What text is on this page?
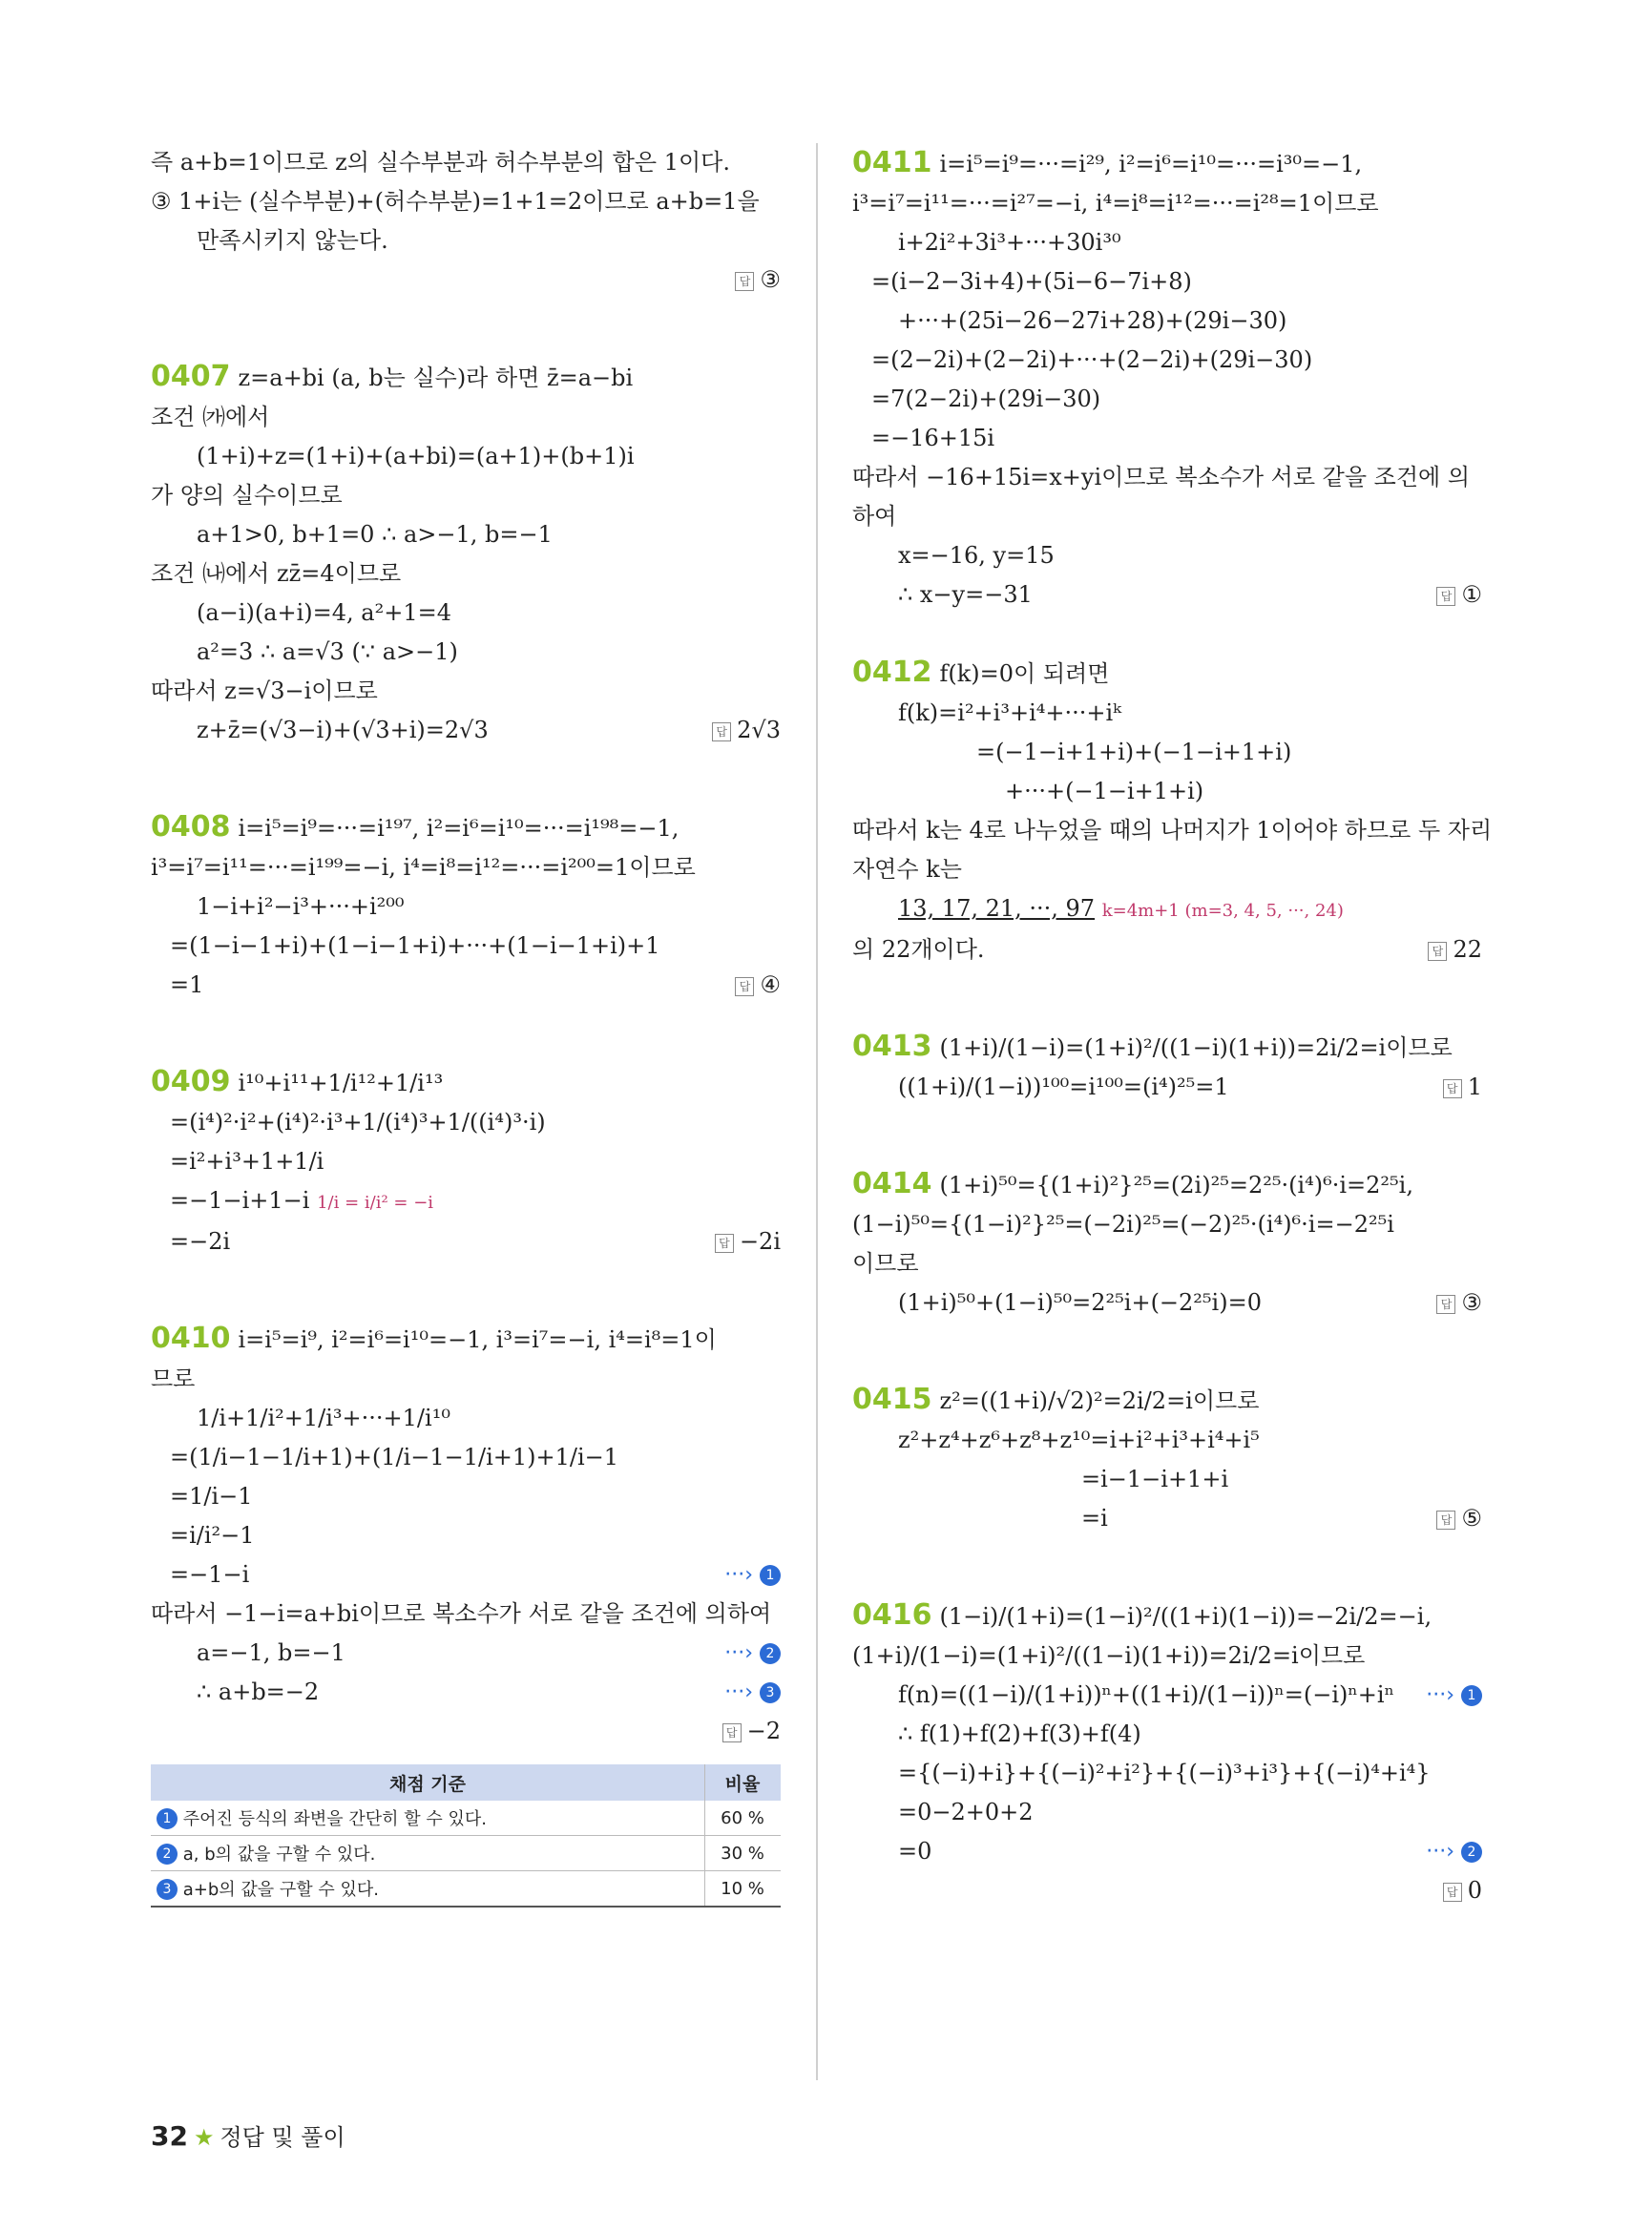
즉 a+b=1이므로 z의 실수부분과 허수부분의 합은 1이다.
③ 1+i는 (실수부분)+(허수부분)=1+1=2이므로 a+b=1을
만족시키지 않는다.

답 ③
0407 z=a+bi (a, b는 실수)라 하면 z̄=a−bi
조건 ㈎에서
(1+i)+z=(1+i)+(a+bi)=(a+1)+(b+1)i
가 양의 실수이므로
a+1>0, b+1=0 ∴ a>−1, b=−1
조건 ㈏에서 zz̄=4이므로
(a−i)(a+i)=4, a²+1=4
a²=3 ∴ a=√3 (∵ a>−1)
따라서 z=√3−i이므로
z+z̄=(√3−i)+(√3+i)=2√3	답 2√3
0408 i=i⁵=i⁹=···=i¹⁹⁷, i²=i⁶=i¹⁰=···=i¹⁹⁸=−1,
i³=i⁷=i¹¹=···=i¹⁹⁹=−i, i⁴=i⁸=i¹²=···=i²⁰⁰=1이므로
1−i+i²−i³+···+i²⁰⁰
=(1−i−1+i)+(1−i−1+i)+···+(1−i−1+i)+1
=1	답 ④
0409 i¹⁰+i¹¹+1/i¹²+1/i¹³
=(i⁴)²·i²+(i⁴)²·i³+1/(i⁴)³+1/((i⁴)³·i)
=i²+i³+1+1/i
=−1−i+1−i 1/i = i/i² = −i
=−2i	답 −2i
0410 i=i⁵=i⁹, i²=i⁶=i¹⁰=−1, i³=i⁷=−i, i⁴=i⁸=1이
므로
1/i+1/i²+1/i³+···+1/i¹⁰
=(1/i−1−1/i+1)+(1/i−1−1/i+1)+1/i−1
=1/i−1
=i/i²−1
=−1−i	···› 1
따라서 −1−i=a+bi이므로 복소수가 서로 같을 조건에 의하여
a=−1, b=−1	···› 2
∴ a+b=−2	···› 3

답 −2
채점 기준	비율
1 주어진 등식의 좌변을 간단히 할 수 있다.	60 %
2 a, b의 값을 구할 수 있다.	30 %
3 a+b의 값을 구할 수 있다.	10 %
0411 i=i⁵=i⁹=···=i²⁹, i²=i⁶=i¹⁰=···=i³⁰=−1,
i³=i⁷=i¹¹=···=i²⁷=−i, i⁴=i⁸=i¹²=···=i²⁸=1이므로
i+2i²+3i³+···+30i³⁰
=(i−2−3i+4)+(5i−6−7i+8)
+···+(25i−26−27i+28)+(29i−30)
=(2−2i)+(2−2i)+···+(2−2i)+(29i−30)
=7(2−2i)+(29i−30)
=−16+15i
따라서 −16+15i=x+yi이므로 복소수가 서로 같을 조건에 의
하여
x=−16, y=15
∴ x−y=−31	답 ①
0412 f(k)=0이 되려면
f(k)=i²+i³+i⁴+···+iᵏ
=(−1−i+1+i)+(−1−i+1+i)
+···+(−1−i+1+i)
따라서 k는 4로 나누었을 때의 나머지가 1이어야 하므로 두 자리
자연수 k는
13, 17, 21, ···, 97 k=4m+1 (m=3, 4, 5, ···, 24)
의 22개이다.	답 22
0413 (1+i)/(1−i)=(1+i)²/((1−i)(1+i))=2i/2=i이므로
((1+i)/(1−i))¹⁰⁰=i¹⁰⁰=(i⁴)²⁵=1	답 1
0414 (1+i)⁵⁰={(1+i)²}²⁵=(2i)²⁵=2²⁵·(i⁴)⁶·i=2²⁵i,
(1−i)⁵⁰={(1−i)²}²⁵=(−2i)²⁵=(−2)²⁵·(i⁴)⁶·i=−2²⁵i
이므로
(1+i)⁵⁰+(1−i)⁵⁰=2²⁵i+(−2²⁵i)=0	답 ③
0415 z²=((1+i)/√2)²=2i/2=i이므로
z²+z⁴+z⁶+z⁸+z¹⁰=i+i²+i³+i⁴+i⁵
=i−1−i+1+i
=i	답 ⑤
0416 (1−i)/(1+i)=(1−i)²/((1+i)(1−i))=−2i/2=−i,
(1+i)/(1−i)=(1+i)²/((1−i)(1+i))=2i/2=i이므로
f(n)=((1−i)/(1+i))ⁿ+((1+i)/(1−i))ⁿ=(−i)ⁿ+iⁿ ···› 1
∴ f(1)+f(2)+f(3)+f(4)
={(−i)+i}+{(−i)²+i²}+{(−i)³+i³}+{(−i)⁴+i⁴}
=0−2+0+2
=0	···› 2

답 0
32 ★ 정답 및 풀이
